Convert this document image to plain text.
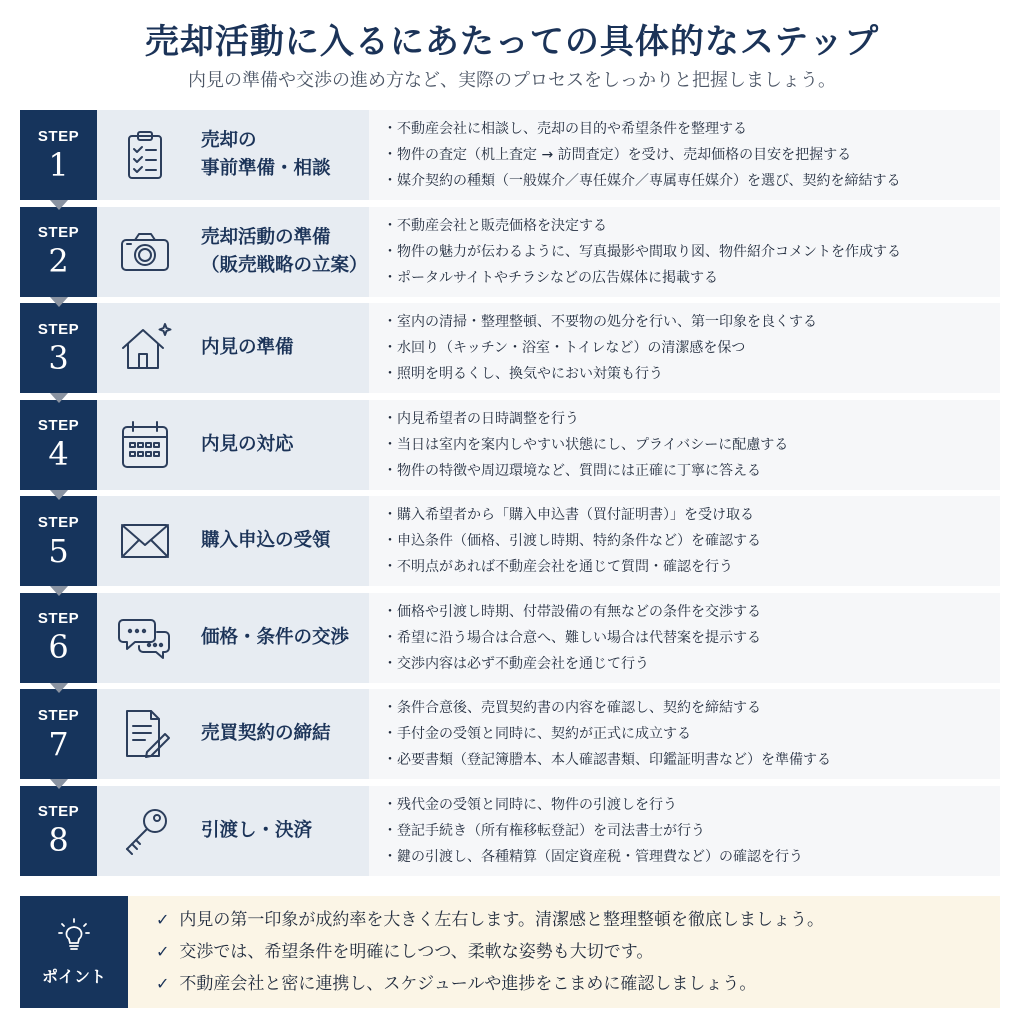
売却活動に入るにあたっての具体的なステップ
内見の準備や交渉の進め方など、実際のプロセスをしっかりと把握しましょう。
STEP
1
売却の
事前準備・相談
・ 不動産会社に相談し、売却の目的や希望条件を整理する
・ 物件の査定（机上査定 → 訪問査定）を受け、売却価格の目安を把握する
・ 媒介契約の種類（一般媒介／専任媒介／専属専任媒介）を選び、契約を締結する
STEP
2
売却活動の準備
（販売戦略の立案）
・ 不動産会社と販売価格を決定する
・ 物件の魅力が伝わるように、写真撮影や間取り図、物件紹介コメントを作成する
・ ポータルサイトやチラシなどの広告媒体に掲載する
STEP
3	内見の準備
・ 室内の清掃・整理整頓、不要物の処分を行い、第一印象を良くする
・ 水回り（キッチン・浴室・トイレなど）の清潔感を保つ
・ 照明を明るくし、換気やにおい対策も行う
STEP
4	内見の対応
・ 内見希望者の日時調整を行う
・ 当日は室内を案内しやすい状態にし、プライバシーに配慮する
・ 物件の特徴や周辺環境など、質問には正確に丁寧に答える
STEP
5	購入申込の受領
・ 購入希望者から「購入申込書（買付証明書）」を受け取る
・ 申込条件（価格、引渡し時期、特約条件など）を確認する
・ 不明点があれば不動産会社を通じて質問・確認を行う
STEP
6	価格・条件の交渉
・ 価格や引渡し時期、付帯設備の有無などの条件を交渉する
・ 希望に沿う場合は合意へ、難しい場合は代替案を提示する
・ 交渉内容は必ず不動産会社を通じて行う
STEP
7	売買契約の締結
・ 条件合意後、売買契約書の内容を確認し、契約を締結する
・ 手付金の受領と同時に、契約が正式に成立する
・ 必要書類（登記簿謄本、本人確認書類、印鑑証明書など）を準備する
STEP
8	引渡し・決済
・ 残代金の受領と同時に、物件の引渡しを行う
・ 登記手続き（所有権移転登記）を司法書士が行う
・ 鍵の引渡し、各種精算（固定資産税・管理費など）の確認を行う
ポイント
✓ 内見の第一印象が成約率を大きく左右します。清潔感と整理整頓を徹底しましょう。
✓ 交渉では、希望条件を明確にしつつ、柔軟な姿勢も大切です。
✓ 不動産会社と密に連携し、スケジュールや進捗をこまめに確認しましょう。
